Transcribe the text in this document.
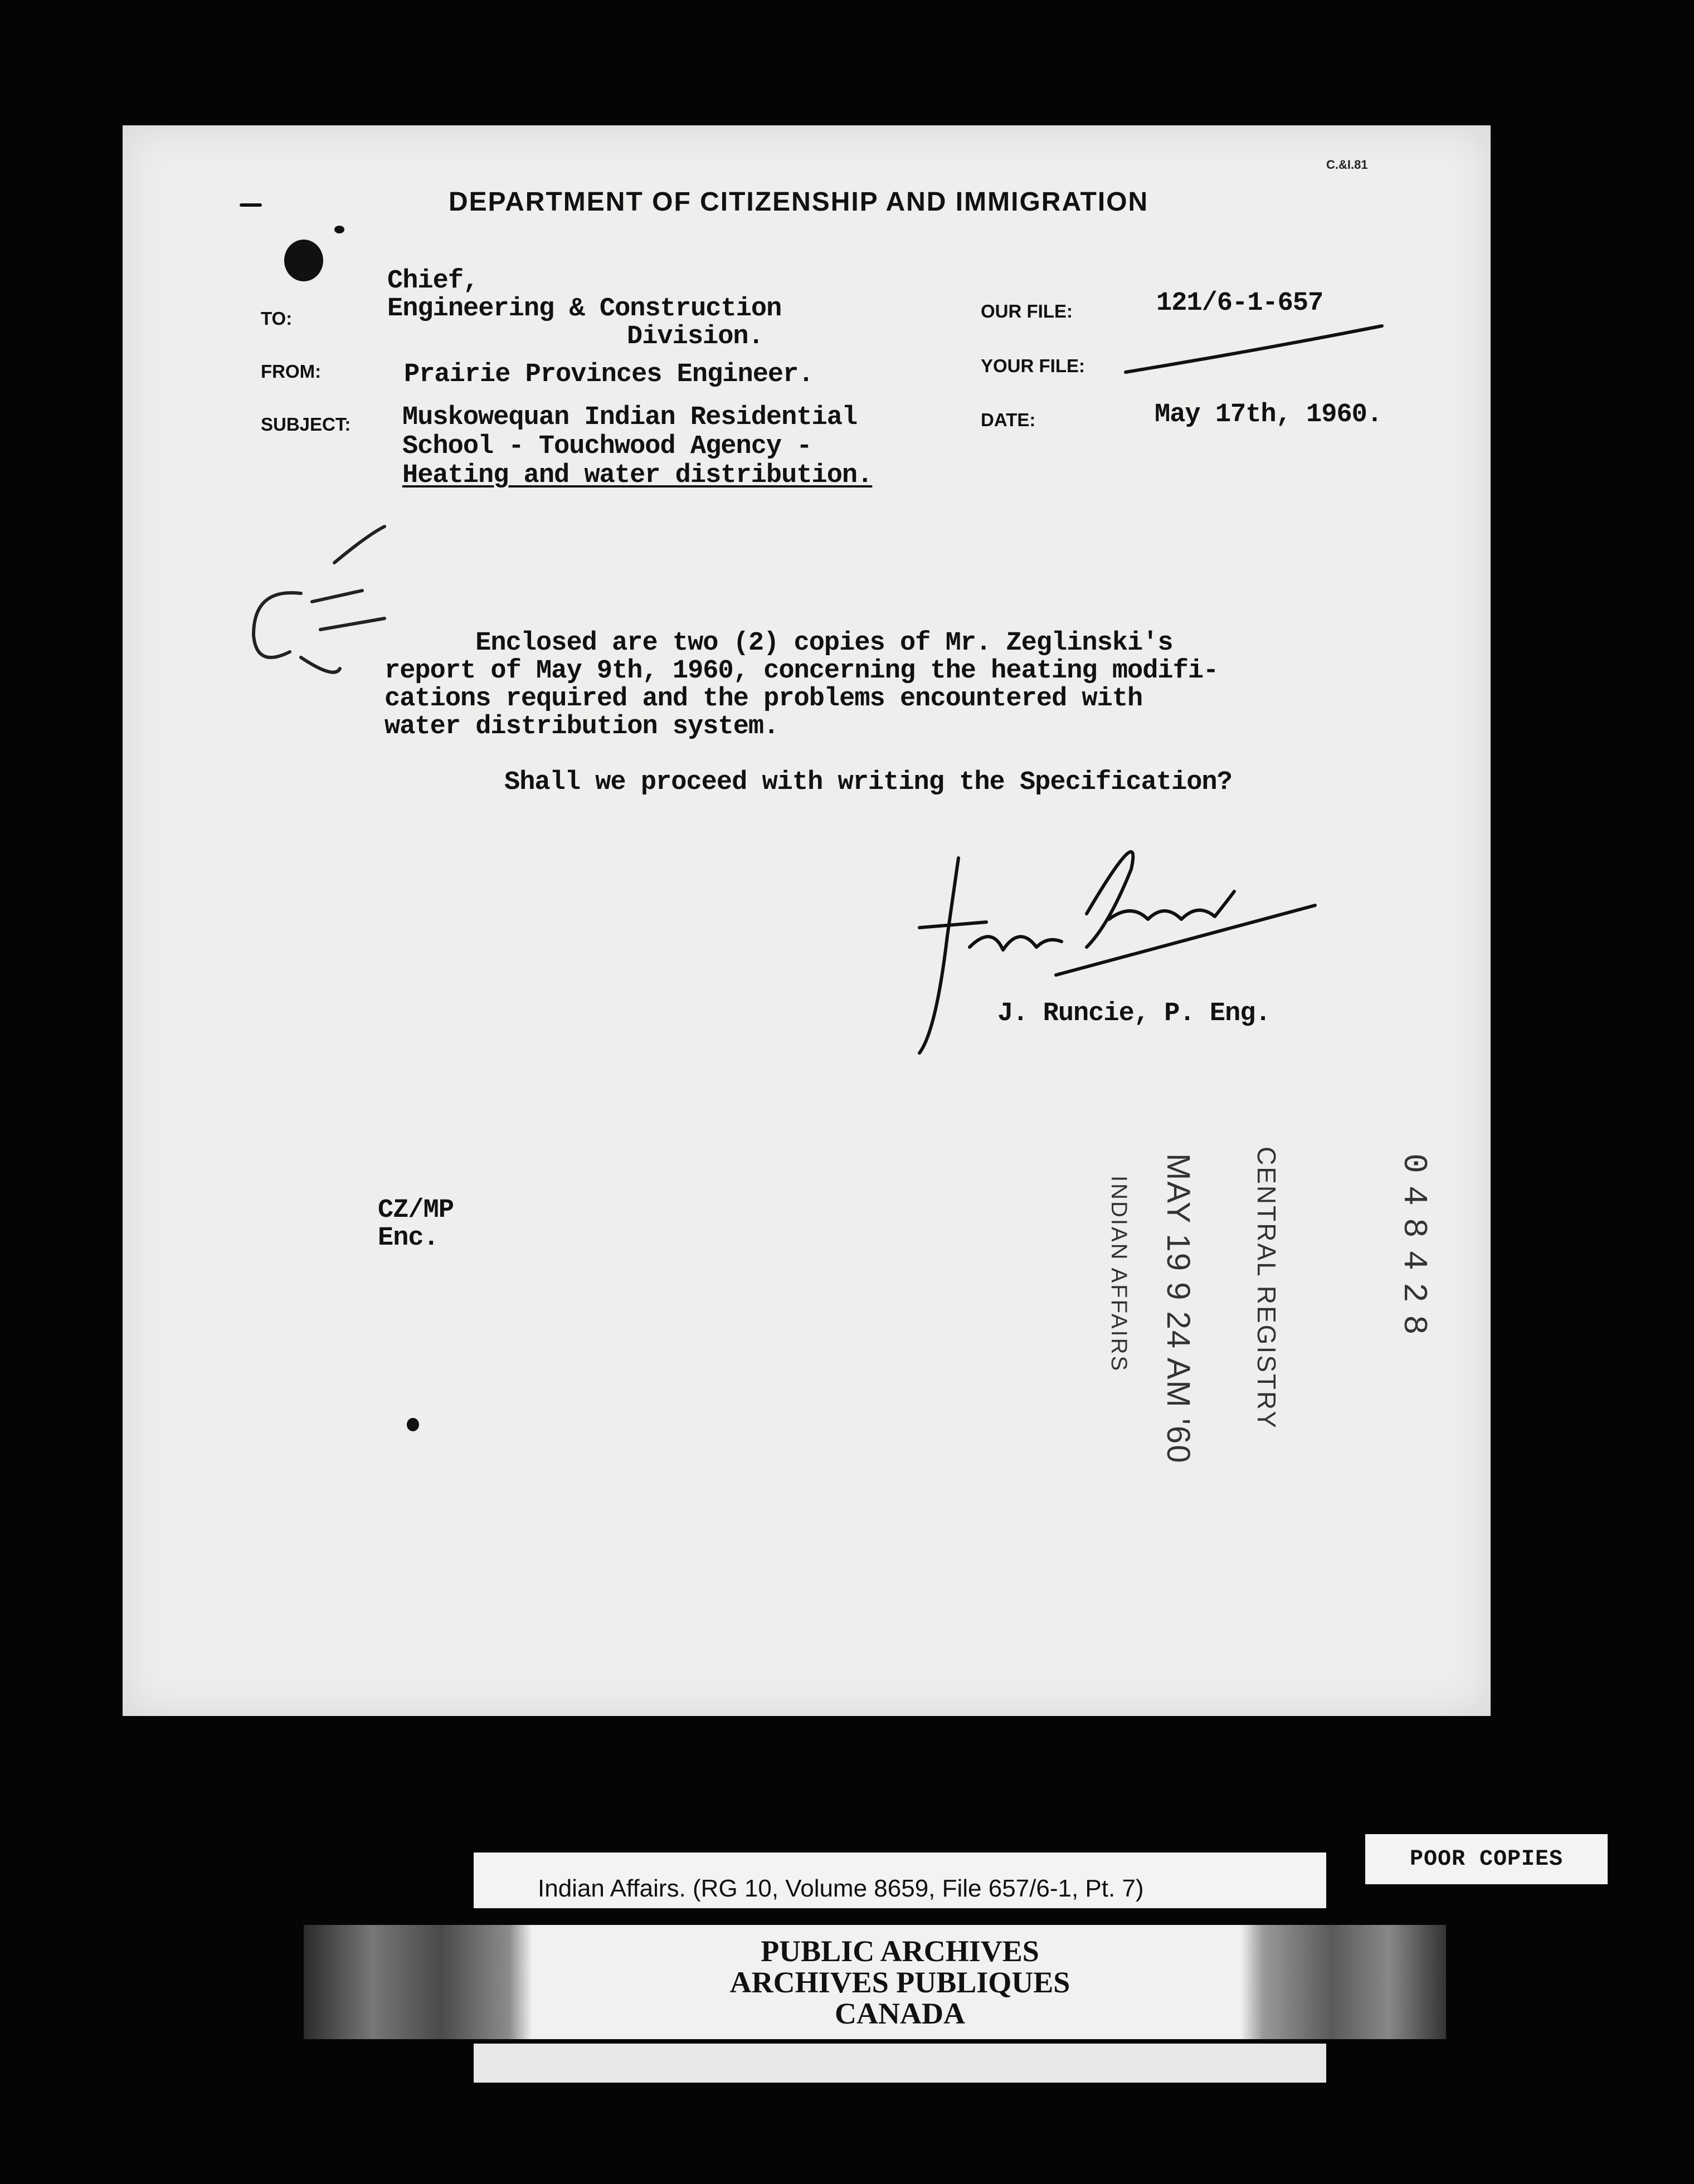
C.&I.81
DEPARTMENT OF CITIZENSHIP AND IMMIGRATION
TO:
FROM:
SUBJECT:
OUR FILE:
YOUR FILE:
DATE:
Chief,
Engineering & Construction
Division.
Prairie Provinces Engineer.
Muskowequan Indian Residential
School - Touchwood Agency -
Heating and water distribution.
121/6-1-657
May 17th, 1960.
Enclosed are two (2) copies of Mr. Zeglinski's
report of May 9th, 1960, concerning the heating modifi-
cations required and the problems encountered with
water distribution system.
Shall we proceed with writing the Specification?
J. Runcie, P. Eng.
CZ/MP
Enc.	048428
CENTRAL REGISTRY
MAY 19 9 24 AM '60
INDIAN AFFAIRS
Indian Affairs. (RG 10, Volume 8659, File 657/6-1, Pt. 7)
POOR COPIES
PUBLIC ARCHIVES
ARCHIVES PUBLIQUES
CANADA
